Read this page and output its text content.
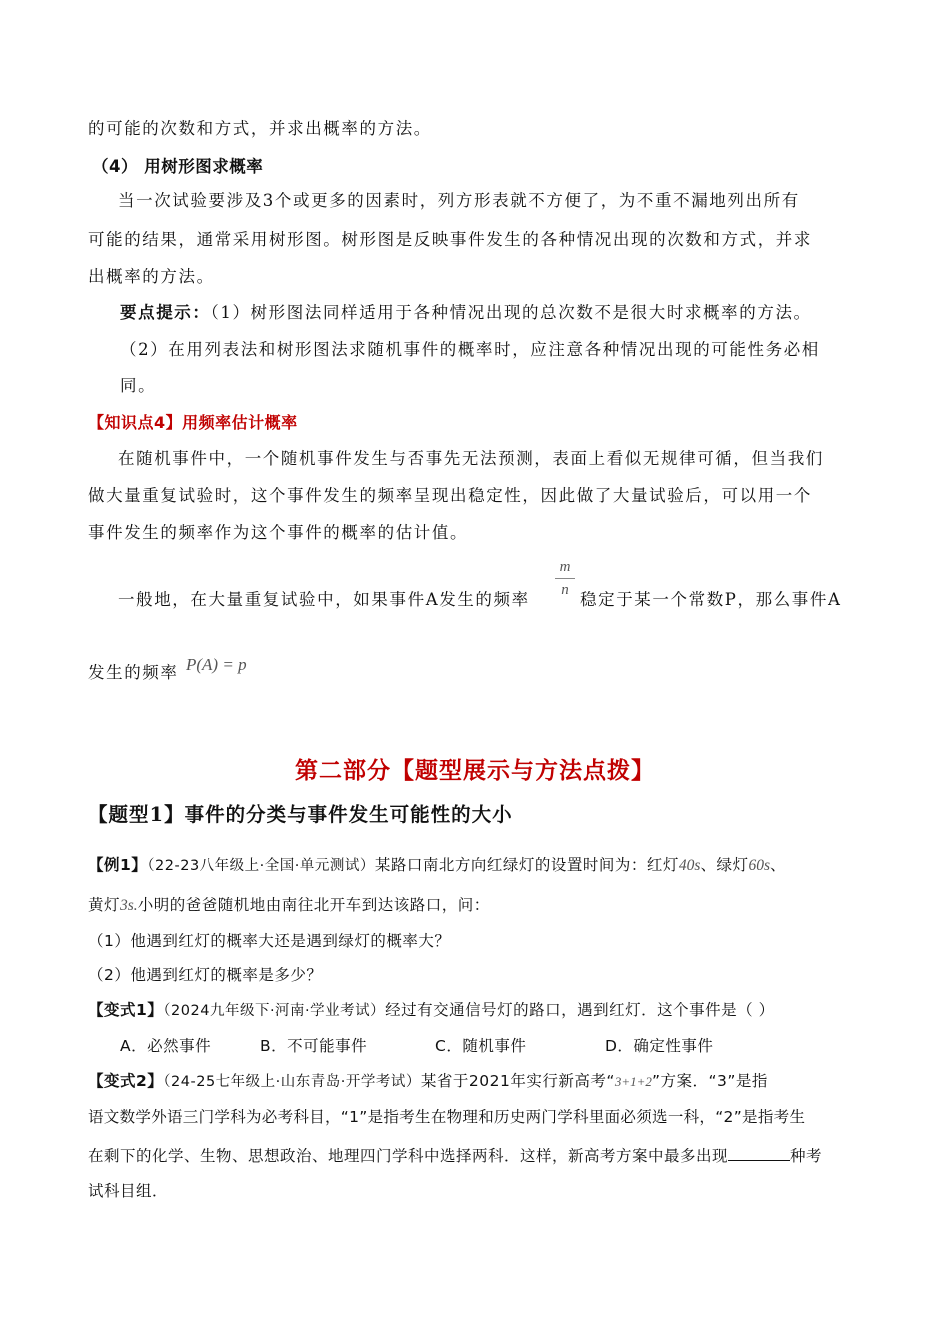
的可能的次数和方式，并求出概率的方法。
（4） 用树形图求概率
当一次试验要涉及3个或更多的因素时，列方形表就不方便了，为不重不漏地列出所有
可能的结果，通常采用树形图。树形图是反映事件发生的各种情况出现的次数和方式，并求
出概率的方法。
要点提示：（1）树形图法同样适用于各种情况出现的总次数不是很大时求概率的方法。
（2）在用列表法和树形图法求随机事件的概率时，应注意各种情况出现的可能性务必相
同。
【知识点4】用频率估计概率
在随机事件中，一个随机事件发生与否事先无法预测，表面上看似无规律可循，但当我们
做大量重复试验时，这个事件发生的频率呈现出稳定性，因此做了大量试验后，可以用一个
事件发生的频率作为这个事件的概率的估计值。
一般地，在大量重复试验中，如果事件A发生的频率
m
n 稳定于某一个常数P，那么事件A
发生的频率 P(A) = p
第二部分【题型展示与方法点拨】
【题型1】事件的分类与事件发生可能性的大小
【例1】（22-23八年级上·全国·单元测试）某路口南北方向红绿灯的设置时间为：红灯40s、绿灯60s、
黄灯3s.小明的爸爸随机地由南往北开车到达该路口，问：
（1）他遇到红灯的概率大还是遇到绿灯的概率大？
（2）他遇到红灯的概率是多少？
【变式1】（2024九年级下·河南·学业考试）经过有交通信号灯的路口，遇到红灯．这个事件是（ ）
A．必然事件	B．不可能事件	C．随机事件	D．确定性事件
【变式2】（24-25七年级上·山东青岛·开学考试）某省于2021年实行新高考“3+1+2”方案．“3”是指
语文数学外语三门学科为必考科目，“1”是指考生在物理和历史两门学科里面必须选一科，“2”是指考生
在剩下的化学、生物、思想政治、地理四门学科中选择两科．这样，新高考方案中最多出现	种考
试科目组．
